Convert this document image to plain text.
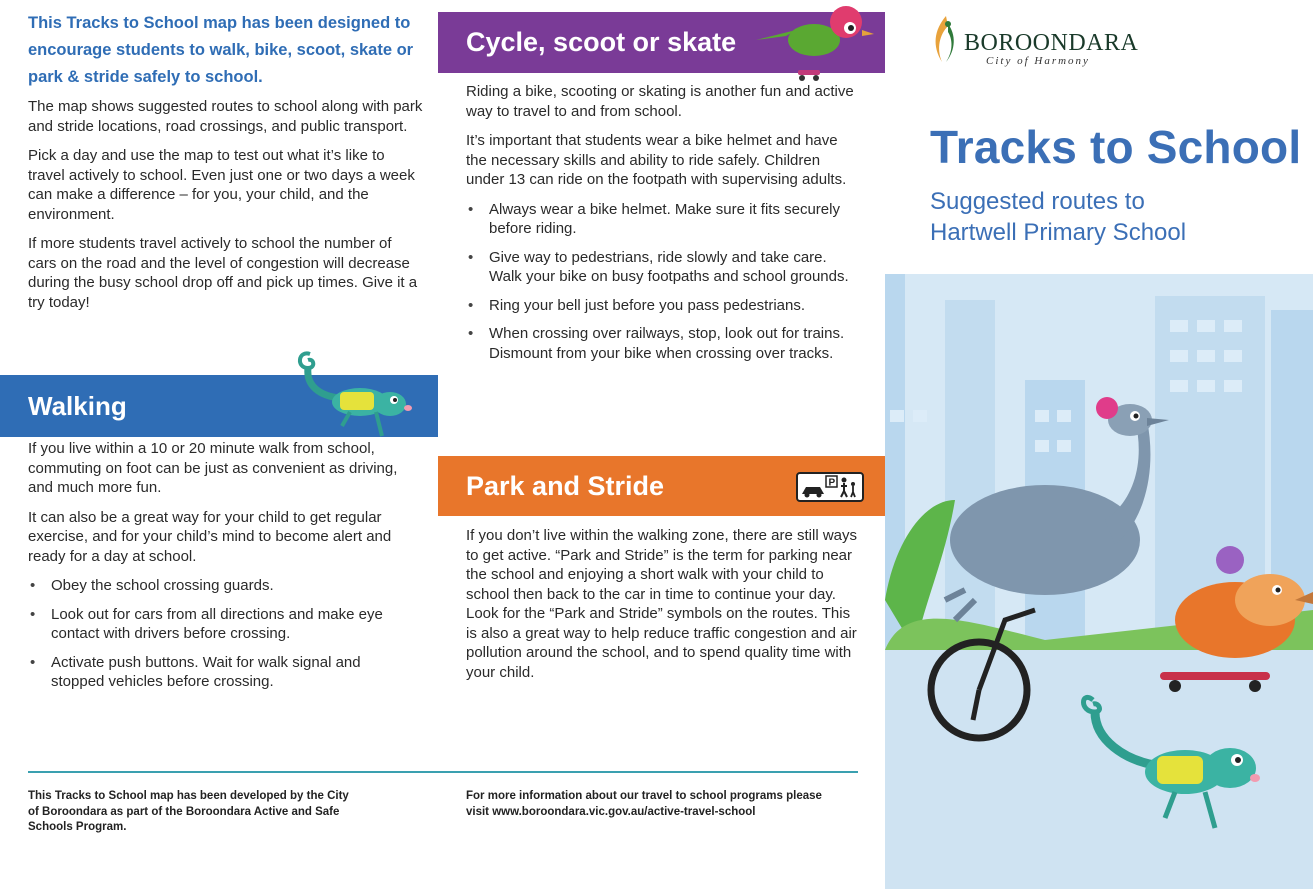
This Tracks to School map has been designed to encourage students to walk, bike, scoot, skate or park & stride safely to school.

The map shows suggested routes to school along with park and stride locations, road crossings, and public transport.

Pick a day and use the map to test out what it’s like to travel actively to school. Even just one or two days a week can make a difference – for you, your child, and the environment.

If more students travel actively to school the number of cars on the road and the level of congestion will decrease during the busy school drop off and pick up times. Give it a try today!

Walking

If you live within a 10 or 20 minute walk from school, commuting on foot can be just as convenient as driving, and much more fun.

It can also be a great way for your child to get regular exercise, and for your child’s mind to become alert and ready for a day at school.

• Obey the school crossing guards.
• Look out for cars from all directions and make eye contact with drivers before crossing.
• Activate push buttons. Wait for walk signal and stopped vehicles before crossing.
Cycle, scoot or skate

Riding a bike, scooting or skating is another fun and active way to travel to and from school.

It’s important that students wear a bike helmet and have the necessary skills and ability to ride safely. Children under 13 can ride on the footpath with supervising adults.

• Always wear a bike helmet. Make sure it fits securely before riding.
• Give way to pedestrians, ride slowly and take care. Walk your bike on busy footpaths and school grounds.
• Ring your bell just before you pass pedestrians.
• When crossing over railways, stop, look out for trains. Dismount from your bike when crossing over tracks.
Park and Stride

If you don’t live within the walking zone, there are still ways to get active. “Park and Stride” is the term for parking near the school and enjoying a short walk with your child to school then back to the car in time to continue your day. Look for the “Park and Stride” symbols on the routes. This is also a great way to help reduce traffic congestion and air pollution around the school, and to spend quality time with your child.

P
This Tracks to School map has been developed by the City of Boroondara as part of the Boroondara Active and Safe Schools Program.
For more information about our travel to school programs please visit www.boroondara.vic.gov.au/active-travel-school
BOROONDARA
City of Harmony
Tracks to School
Suggested routes to
Hartwell Primary School
